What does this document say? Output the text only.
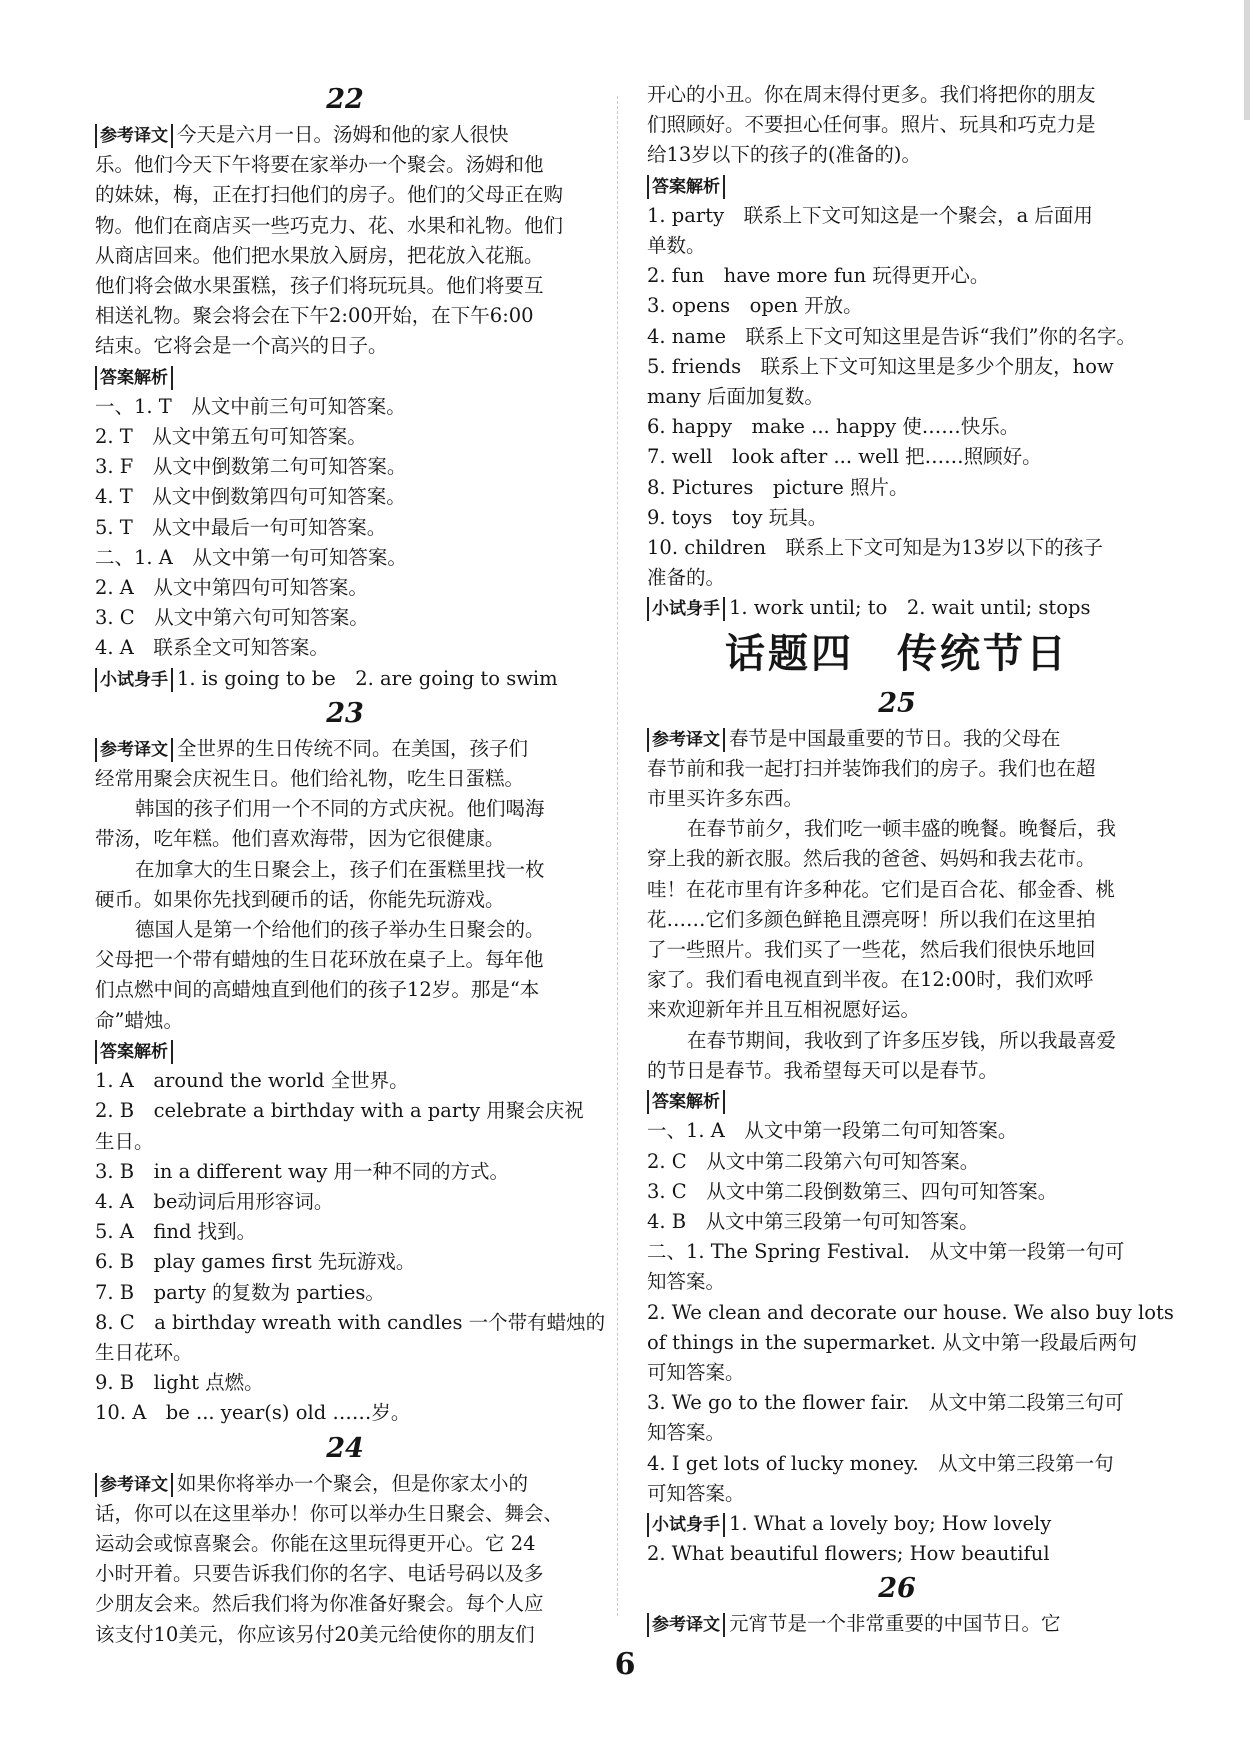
22
参考译文 今天是六月一日。汤姆和他的家人很快
乐。他们今天下午将要在家举办一个聚会。汤姆和他
的妹妹，梅，正在打扫他们的房子。他们的父母正在购
物。他们在商店买一些巧克力、花、水果和礼物。他们
从商店回来。他们把水果放入厨房，把花放入花瓶。
他们将会做水果蛋糕，孩子们将玩玩具。他们将要互
相送礼物。聚会将会在下午2:00开始，在下午6:00
结束。它将会是一个高兴的日子。
答案解析
一、1. T　从文中前三句可知答案。
2. T　从文中第五句可知答案。
3. F　从文中倒数第二句可知答案。
4. T　从文中倒数第四句可知答案。
5. T　从文中最后一句可知答案。
二、1. A　从文中第一句可知答案。
2. A　从文中第四句可知答案。
3. C　从文中第六句可知答案。
4. A　联系全文可知答案。
小试身手 1. is going to be　2. are going to swim
23
参考译文 全世界的生日传统不同。在美国，孩子们
经常用聚会庆祝生日。他们给礼物，吃生日蛋糕。
韩国的孩子们用一个不同的方式庆祝。他们喝海
带汤，吃年糕。他们喜欢海带，因为它很健康。
在加拿大的生日聚会上，孩子们在蛋糕里找一枚
硬币。如果你先找到硬币的话，你能先玩游戏。
德国人是第一个给他们的孩子举办生日聚会的。
父母把一个带有蜡烛的生日花环放在桌子上。每年他
们点燃中间的高蜡烛直到他们的孩子12岁。那是“本
命”蜡烛。
答案解析
1. A　around the world 全世界。
2. B　celebrate a birthday with a party 用聚会庆祝
生日。
3. B　in a different way 用一种不同的方式。
4. A　be动词后用形容词。
5. A　find 找到。
6. B　play games first 先玩游戏。
7. B　party 的复数为 parties。
8. C　a birthday wreath with candles 一个带有蜡烛的
生日花环。
9. B　light 点燃。
10. A　be ... year(s) old ……岁。
24
参考译文 如果你将举办一个聚会，但是你家太小的
话，你可以在这里举办！你可以举办生日聚会、舞会、
运动会或惊喜聚会。你能在这里玩得更开心。它 24
小时开着。只要告诉我们你的名字、电话号码以及多
少朋友会来。然后我们将为你准备好聚会。每个人应
该支付10美元，你应该另付20美元给使你的朋友们
开心的小丑。你在周末得付更多。我们将把你的朋友
们照顾好。不要担心任何事。照片、玩具和巧克力是
给13岁以下的孩子的(准备的)。
答案解析
1. party　联系上下文可知这是一个聚会，a 后面用
单数。
2. fun　have more fun 玩得更开心。
3. opens　open 开放。
4. name　联系上下文可知这里是告诉“我们”你的名字。
5. friends　联系上下文可知这里是多少个朋友，how
many 后面加复数。
6. happy　make ... happy 使……快乐。
7. well　look after ... well 把……照顾好。
8. Pictures　picture 照片。
9. toys　toy 玩具。
10. children　联系上下文可知是为13岁以下的孩子
准备的。
小试身手 1. work until; to　2. wait until; stops
话题四　传统节日
25
参考译文 春节是中国最重要的节日。我的父母在
春节前和我一起打扫并装饰我们的房子。我们也在超
市里买许多东西。
在春节前夕，我们吃一顿丰盛的晚餐。晚餐后，我
穿上我的新衣服。然后我的爸爸、妈妈和我去花市。
哇！在花市里有许多种花。它们是百合花、郁金香、桃
花……它们多颜色鲜艳且漂亮呀！所以我们在这里拍
了一些照片。我们买了一些花，然后我们很快乐地回
家了。我们看电视直到半夜。在12:00时，我们欢呼
来欢迎新年并且互相祝愿好运。
在春节期间，我收到了许多压岁钱，所以我最喜爱
的节日是春节。我希望每天可以是春节。
答案解析
一、1. A　从文中第一段第二句可知答案。
2. C　从文中第二段第六句可知答案。
3. C　从文中第二段倒数第三、四句可知答案。
4. B　从文中第三段第一句可知答案。
二、1. The Spring Festival.　从文中第一段第一句可
知答案。
2. We clean and decorate our house. We also buy lots
of things in the supermarket. 从文中第一段最后两句
可知答案。
3. We go to the flower fair.　从文中第二段第三句可
知答案。
4. I get lots of lucky money.　从文中第三段第一句
可知答案。
小试身手 1. What a lovely boy; How lovely
2. What beautiful flowers; How beautiful
26
参考译文 元宵节是一个非常重要的中国节日。它
6
